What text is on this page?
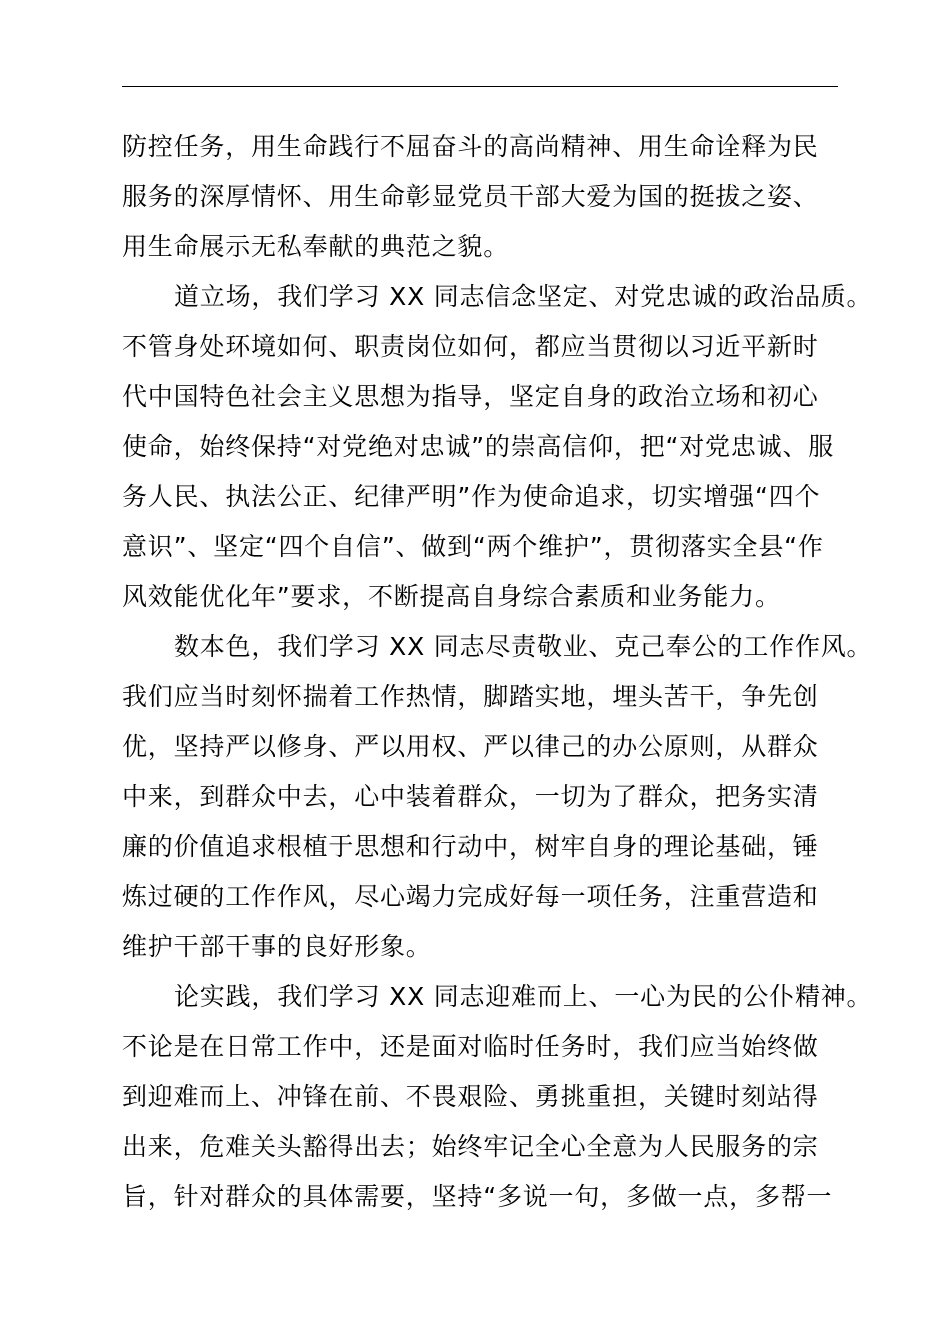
防控任务，用生命践行不屈奋斗的高尚精神、用生命诠释为民
服务的深厚情怀、用生命彰显党员干部大爱为国的挺拔之姿、
用生命展示无私奉献的典范之貌。
道立场，我们学习 XX 同志信念坚定、对党忠诚的政治品质。
不管身处环境如何、职责岗位如何，都应当贯彻以习近平新时
代中国特色社会主义思想为指导，坚定自身的政治立场和初心
使命，始终保持“对党绝对忠诚”的崇高信仰，把“对党忠诚、服
务人民、执法公正、纪律严明”作为使命追求，切实增强“四个
意识”、坚定“四个自信”、做到“两个维护”，贯彻落实全县“作
风效能优化年”要求，不断提高自身综合素质和业务能力。
数本色，我们学习 XX 同志尽责敬业、克己奉公的工作作风。
我们应当时刻怀揣着工作热情，脚踏实地，埋头苦干，争先创
优，坚持严以修身、严以用权、严以律己的办公原则，从群众
中来，到群众中去，心中装着群众，一切为了群众，把务实清
廉的价值追求根植于思想和行动中，树牢自身的理论基础，锤
炼过硬的工作作风，尽心竭力完成好每一项任务，注重营造和
维护干部干事的良好形象。
论实践，我们学习 XX 同志迎难而上、一心为民的公仆精神。
不论是在日常工作中，还是面对临时任务时，我们应当始终做
到迎难而上、冲锋在前、不畏艰险、勇挑重担，关键时刻站得
出来，危难关头豁得出去；始终牢记全心全意为人民服务的宗
旨，针对群众的具体需要，坚持“多说一句，多做一点，多帮一
